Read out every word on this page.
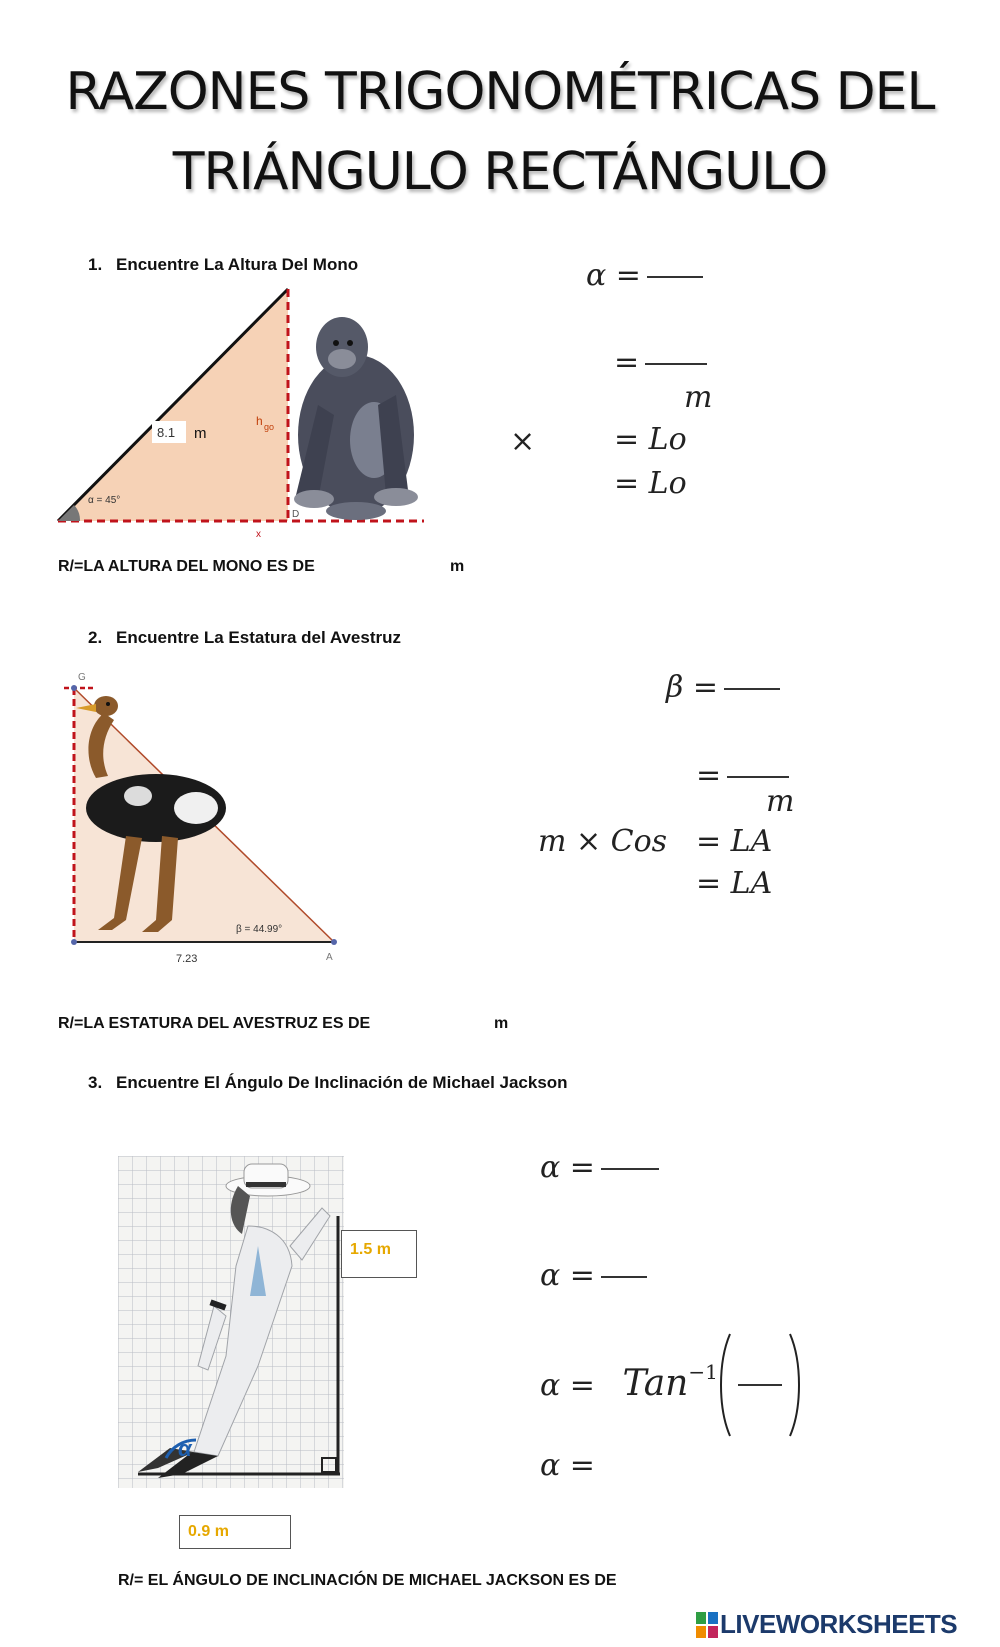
RAZONES TRIGONOMÉTRICAS DEL
TRIÁNGULO RECTÁNGULO
1. Encuentre La Altura Del Mono
8.1 m
h go
α = 45°
x
D
α =
=
m
×	= Lo
= Lo
R/=LA ALTURA DEL MONO ES DE	m
2. Encuentre La Estatura del Avestruz
G
A
β = 44.99°
7.23
β =
=
m
m × Cos = LA
= LA
R/=LA ESTATURA DEL AVESTRUZ ES DE	m
3. Encuentre El Ángulo De Inclinación de Michael Jackson
α
1.5 m
0.9 m
α =
α =
α = Tan$^{-1}$
α =
R/= EL ÁNGULO DE INCLINACIÓN DE MICHAEL JACKSON ES DE
LIVEWORKSHEETS
